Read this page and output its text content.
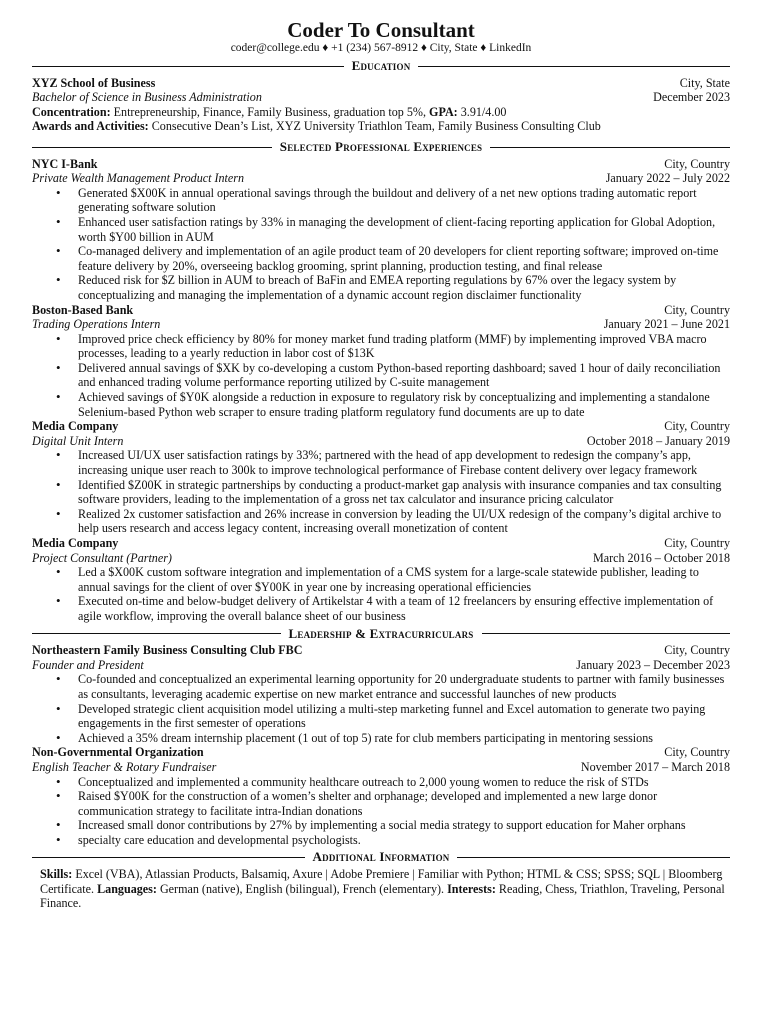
Coder To Consultant
coder@college.edu ♦ +1 (234) 567-8912 ♦ City, State ♦ LinkedIn
Education
XYZ School of Business	City, State
Bachelor of Science in Business Administration	December 2023
Concentration: Entrepreneurship, Finance, Family Business, graduation top 5%, GPA: 3.91/4.00
Awards and Activities: Consecutive Dean’s List, XYZ University Triathlon Team, Family Business Consulting Club
Selected Professional Experiences
NYC I-Bank	City, Country
Private Wealth Management Product Intern	January 2022 – July 2022
• Generated $X00K in annual operational savings through the buildout and delivery of a net new options trading automatic report generating software solution
• Enhanced user satisfaction ratings by 33% in managing the development of client-facing reporting application for Global Adoption, worth $Y00 billion in AUM
• Co-managed delivery and implementation of an agile product team of 20 developers for client reporting software; improved on-time feature delivery by 20%, overseeing backlog grooming, sprint planning, production testing, and final release
• Reduced risk for $Z billion in AUM to breach of BaFin and EMEA reporting regulations by 67% over the legacy system by conceptualizing and managing the implementation of a dynamic account region disclaimer functionality
Boston-Based Bank	City, Country
Trading Operations Intern	January 2021 – June 2021
• Improved price check efficiency by 80% for money market fund trading platform (MMF) by implementing improved VBA macro processes, leading to a yearly reduction in labor cost of $13K
• Delivered annual savings of $XK by co-developing a custom Python-based reporting dashboard; saved 1 hour of daily reconciliation and enhanced trading volume performance reporting utilized by C-suite management
• Achieved savings of $Y0K alongside a reduction in exposure to regulatory risk by conceptualizing and implementing a standalone Selenium-based Python web scraper to ensure trading platform regulatory fund documents are up to date
Media Company	City, Country
Digital Unit Intern	October 2018 – January 2019
• Increased UI/UX user satisfaction ratings by 33%; partnered with the head of app development to redesign the company’s app, increasing unique user reach to 300k to improve technological performance of Firebase content delivery over legacy framework
• Identified $Z00K in strategic partnerships by conducting a product-market gap analysis with insurance companies and tax consulting software providers, leading to the implementation of a gross net tax calculator and insurance pricing calculator
• Realized 2x customer satisfaction and 26% increase in conversion by leading the UI/UX redesign of the company’s digital archive to help users research and access legacy content, increasing overall monetization of content
Media Company	City, Country
Project Consultant (Partner)	March 2016 – October 2018
• Led a $X00K custom software integration and implementation of a CMS system for a large-scale statewide publisher, leading to annual savings for the client of over $Y00K in year one by increasing operational efficiencies
• Executed on-time and below-budget delivery of Artikelstar 4 with a team of 12 freelancers by ensuring effective implementation of agile workflow, improving the overall balance sheet of our business
Leadership & Extracurriculars
Northeastern Family Business Consulting Club FBC	City, Country
Founder and President	January 2023 – December 2023
• Co-founded and conceptualized an experimental learning opportunity for 20 undergraduate students to partner with family businesses as consultants, leveraging academic expertise on new market entrance and successful launches of new products
• Developed strategic client acquisition model utilizing a multi-step marketing funnel and Excel automation to generate two paying engagements in the first semester of operations
• Achieved a 35% dream internship placement (1 out of top 5) rate for club members participating in mentoring sessions
Non-Governmental Organization	City, Country
English Teacher & Rotary Fundraiser	November 2017 – March 2018
• Conceptualized and implemented a community healthcare outreach to 2,000 young women to reduce the risk of STDs
• Raised $Y00K for the construction of a women’s shelter and orphanage; developed and implemented a new large donor communication strategy to facilitate intra-Indian donations
• Increased small donor contributions by 27% by implementing a social media strategy to support education for Maher orphans
• specialty care education and developmental psychologists.
Additional Information
Skills: Excel (VBA), Atlassian Products, Balsamiq, Axure | Adobe Premiere | Familiar with Python; HTML & CSS; SPSS; SQL | Bloomberg Certificate. Languages: German (native), English (bilingual), French (elementary). Interests: Reading, Chess, Triathlon, Traveling, Personal Finance.
